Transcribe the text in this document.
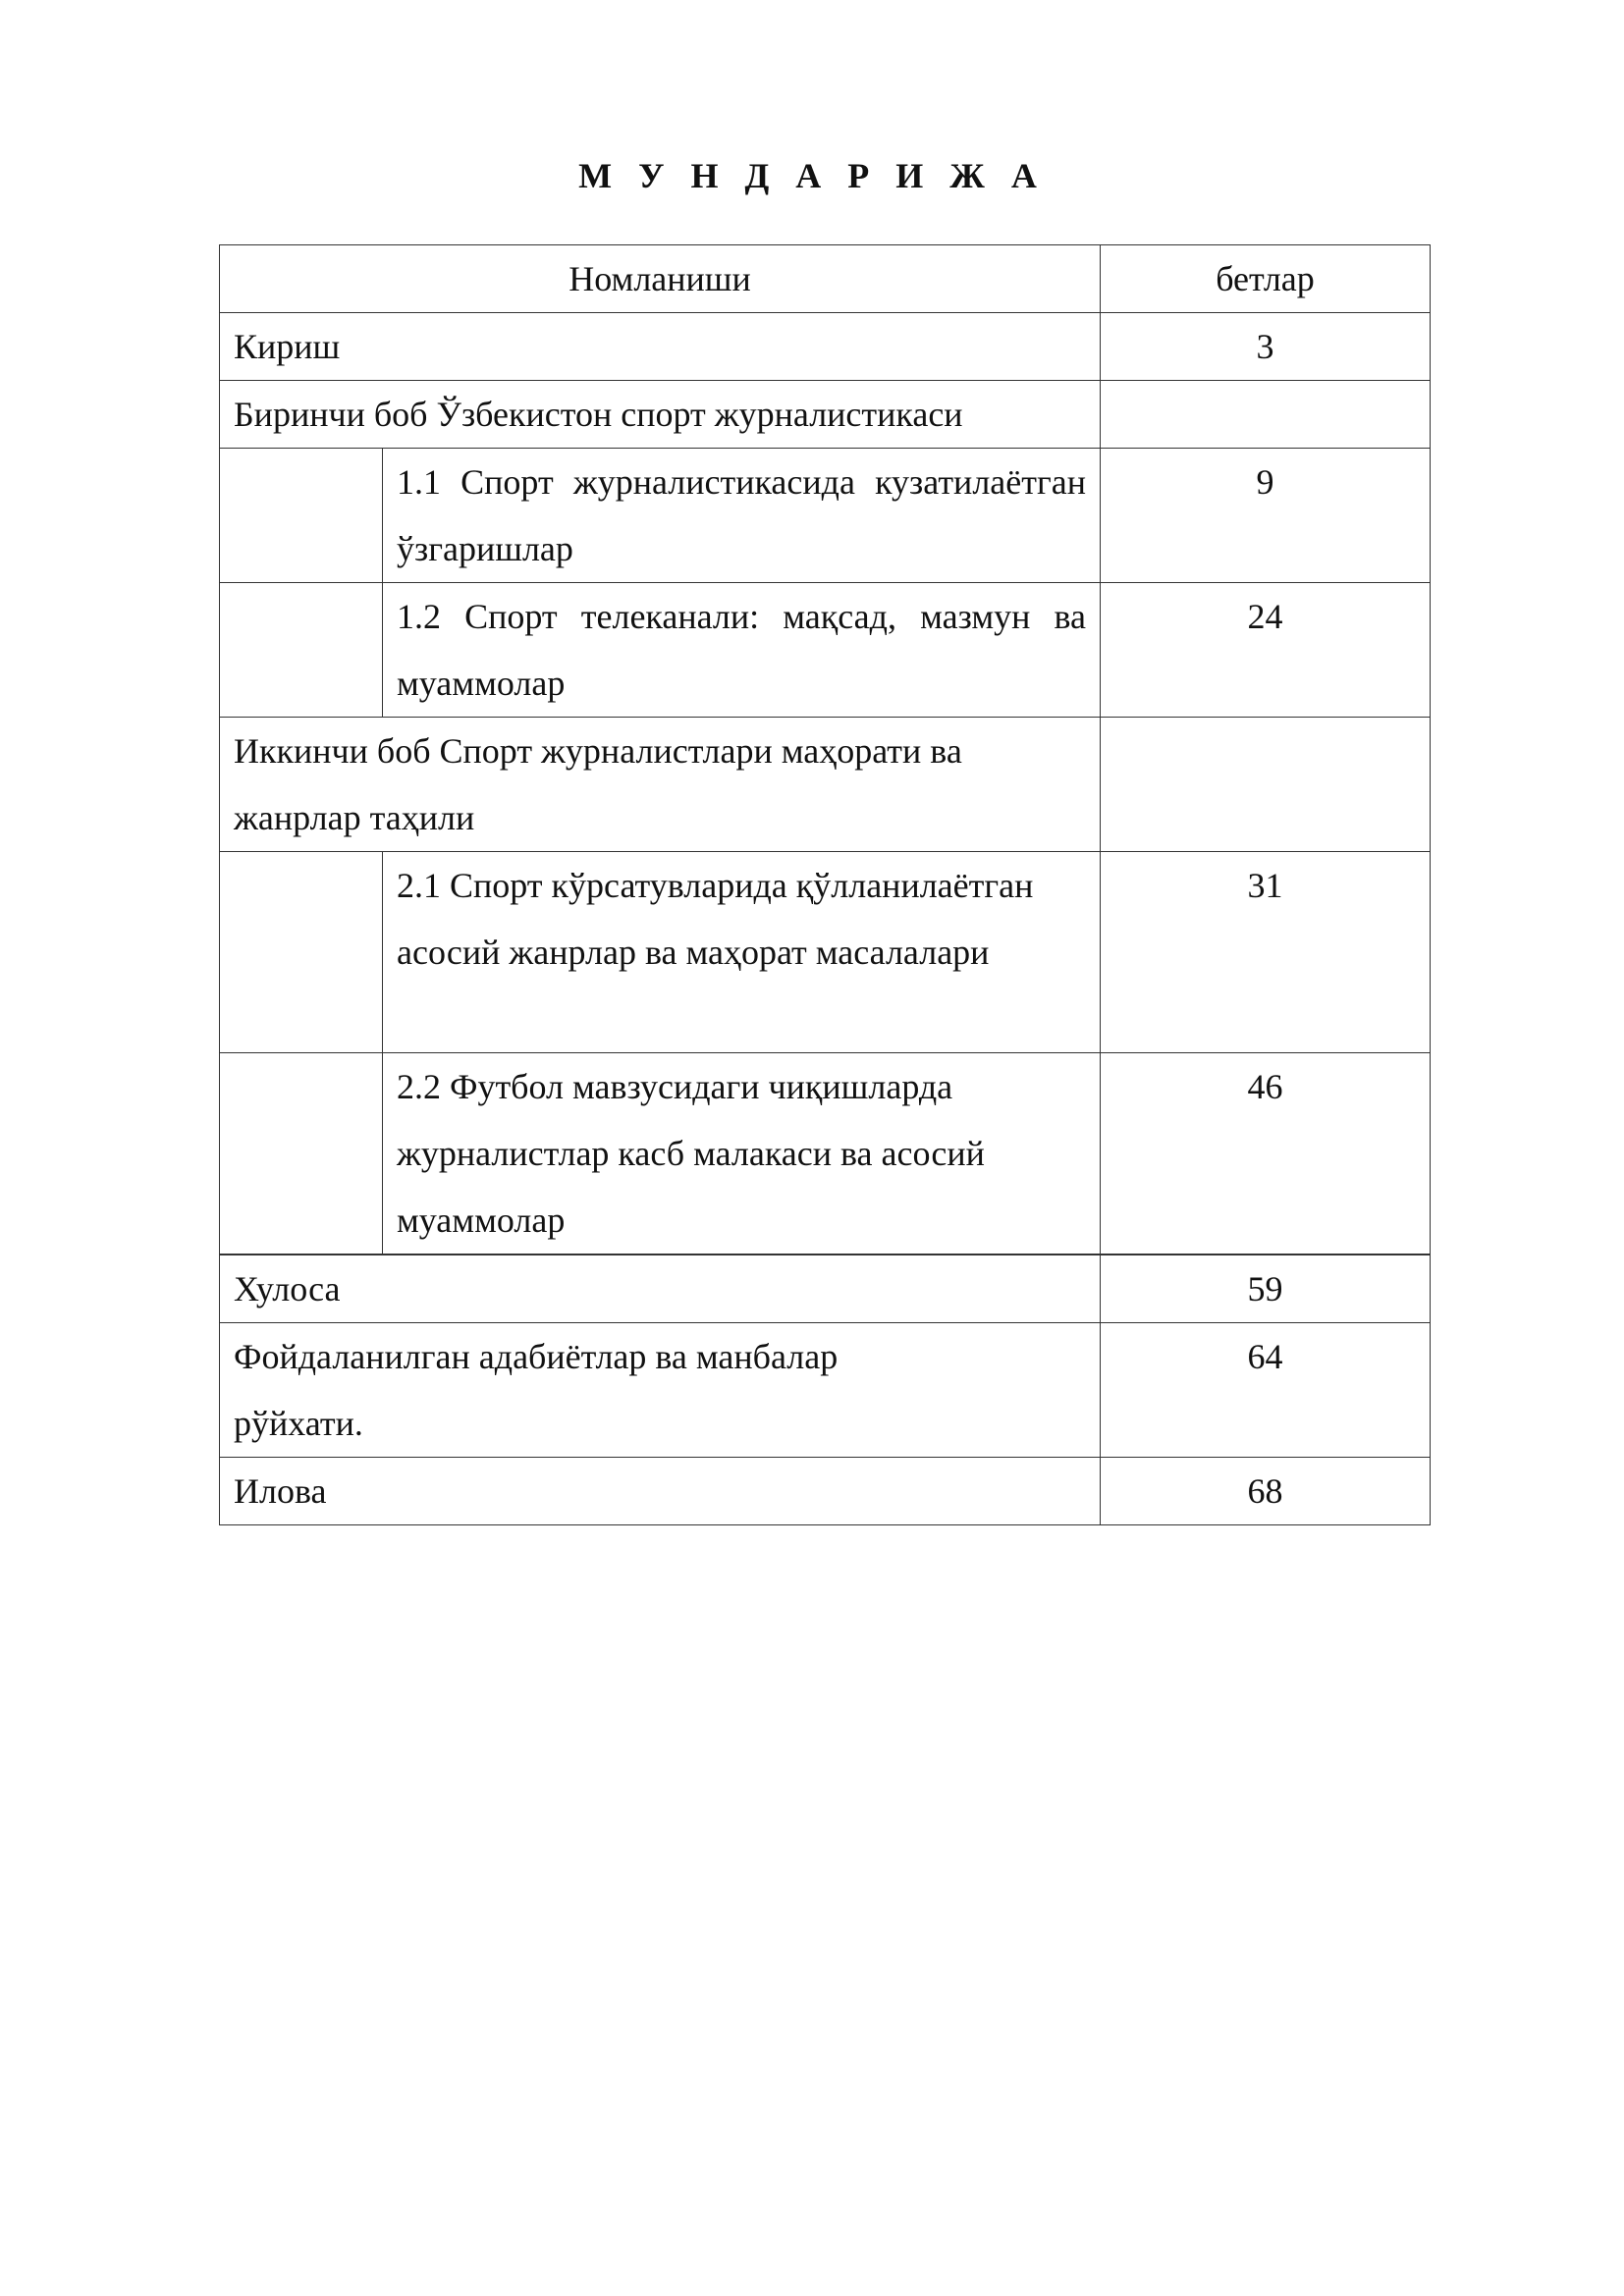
М У Н Д А Р И Ж А
Номланиши		бетлар
Кириш		3
Биринчи боб Ўзбекистон спорт журналистикаси		
	1.1 Спорт журналистикасида кузатилаётган ўзгаришлар	9
	1.2 Спорт телеканали: мақсад, мазмун ва муаммолар	24
Иккинчи боб Спорт журналистлари маҳорати ва жанрлар таҳили		
	2.1 Спорт кўрсатувларида қўлланилаётган асосий жанрлар ва маҳорат масалалари	31
	2.2 Футбол мавзусидаги чиқишларда журналистлар касб малакаси ва асосий муаммолар	46
Хулоса		59
Фойдаланилган адабиётлар ва манбалар рўйхати.		64
Илова		68
